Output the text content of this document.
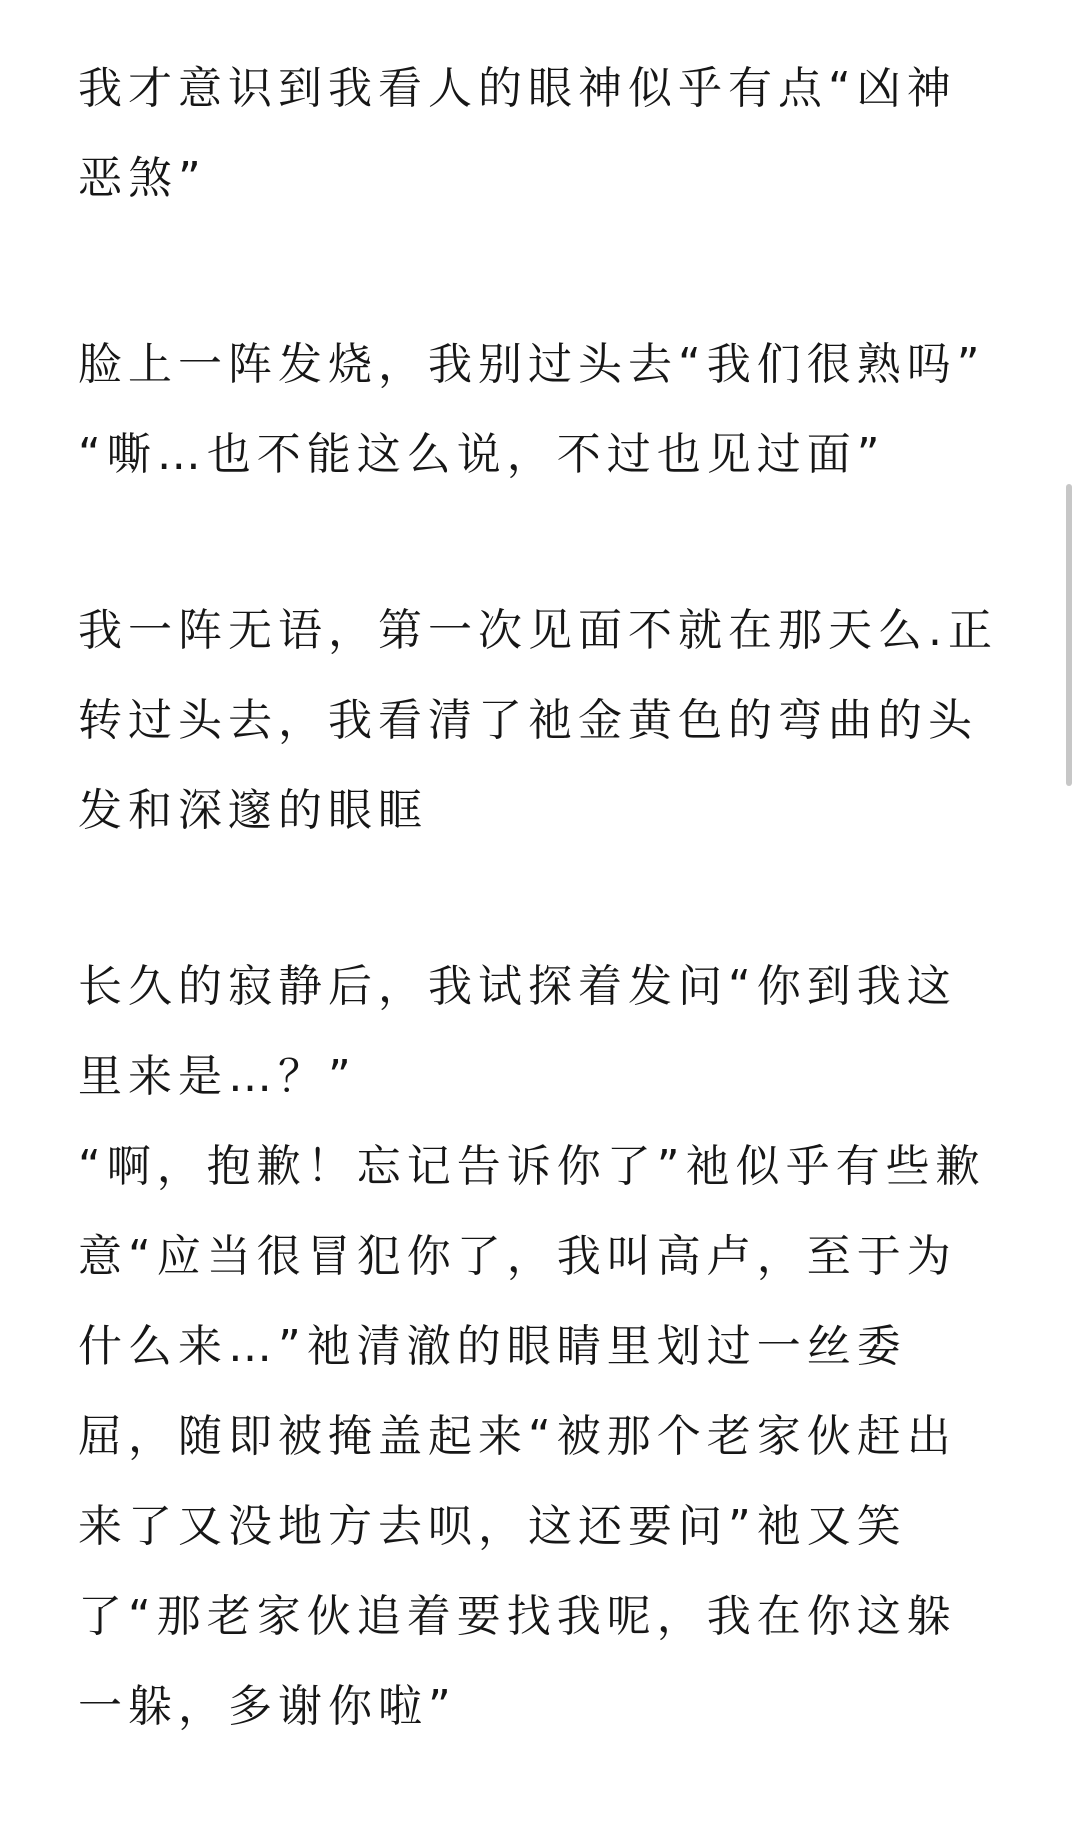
我才意识到我看人的眼神似乎有点“凶神恶煞”

脸上一阵发烧，我别过头去“我们很熟吗”

“嘶…也不能这么说，不过也见过面”

我一阵无语，第一次见面不就在那天么.正转过头去，我看清了祂金黄色的弯曲的头发和深邃的眼眶

长久的寂静后，我试探着发问“你到我这里来是…？”

“啊，抱歉！忘记告诉你了”祂似乎有些歉意“应当很冒犯你了，我叫高卢，至于为什么来…”祂清澈的眼睛里划过一丝委屈，随即被掩盖起来“被那个老家伙赶出来了又没地方去呗，这还要问”祂又笑了“那老家伙追着要找我呢，我在你这躲一躲，多谢你啦”
